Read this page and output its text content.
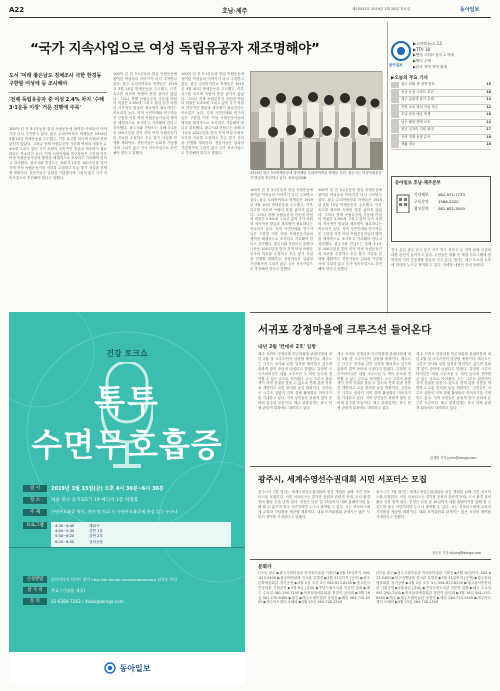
A22	호남·제주	제33033호 2019년 2월 28일 목요일	동아일보
“국가 지속사업으로 여성 독립유공자 재조명해야”
도서 '미래 좋은날도 정체조사 극한 한경동 구한말 여성에 등 조사해야
'전체 독립유공자 중 여성 2.4% 차지 '수해 3·1운동 이장' 거문 진행에 주목'

100여 년 전 3·1운동과 항일 독립운동에 참여한 여성들의 이야기가 다시 주목받고 있다. 광주 수피아여학교 학생들은 1919년 3월 10일 만세운동을 주도했고, 이후 옥고를 치르며 독립의 뜻을 굽히지 않았다. 그러나 전체 독립유공자 가운데 여성의 비율은 2.4%에 그치고 있어 국가 차원의 지속적인 발굴과 재조명이 필요하다는 목소리가 높다. 지역 시민단체와 연구자들은 구한말 이후 여성 독립운동가들의 행적을 체계적으로 조사하고 기록해야 한다고 강조했다. 광주시와 전남도는 올해 3·1운동 100주년을 맞아 지역 여성 독립운동가의 자료를 수집하고 후손 찾기 사업을 진행할 계획이다. 전문가들은 일회성 기념행사에 그치지 않고 국가 지속사업으로 추진해야 한다고 말했다.

100여 년 전 3·1운동과 항일 독립운동에 참여한 여성들의 이야기가 다시 주목받고 있다. 광주 수피아여학교 학생들은 1919년 3월 10일 만세운동을 주도했고, 이후 옥고를 치르며 독립의 뜻을 굽히지 않았다. 그러나 전체 독립유공자 가운데 여성의 비율은 2.4%에 그치고 있어 국가 차원의 지속적인 발굴과 재조명이 필요하다는 목소리가 높다. 지역 시민단체와 연구자들은 구한말 이후 여성 독립운동가들의 행적을 체계적으로 조사하고 기록해야 한다고 강조했다. 광주시와 전남도는 올해 3·1운동 100주년을 맞아 지역 여성 독립운동가의 자료를 수집하고 후손 찾기 사업을 진행할 계획이다. 전문가들은 일회성 기념행사에 그치지 않고 국가 지속사업으로 추진해야 한다고 말했다.

100여 년 전 3·1운동과 항일 독립운동에 참여한 여성들의 이야기가 다시 주목받고 있다. 광주 수피아여학교 학생들은 1919년 3월 10일 만세운동을 주도했고, 이후 옥고를 치르며 독립의 뜻을 굽히지 않았다. 그러나 전체 독립유공자 가운데 여성의 비율은 2.4%에 그치고 있어 국가 차원의 지속적인 발굴과 재조명이 필요하다는 목소리가 높다. 지역 시민단체와 연구자들은 구한말 이후 여성 독립운동가들의 행적을 체계적으로 조사하고 기록해야 한다고 강조했다. 광주시와 전남도는 올해 3·1운동 100주년을 맞아 지역 여성 독립운동가의 자료를 수집하고 후손 찾기 사업을 진행할 계획이다. 전문가들은 일회성 기념행사에 그치지 않고 국가 지속사업으로 추진해야 한다고 말했다.

1919년 광주 3·1만세운동에 참여했던 수피아여학교 학생들 사진. 광주시는 여성독립운동가 발굴을 추진하고 있다. 동아일보DB

100여 년 전 3·1운동과 항일 독립운동에 참여한 여성들의 이야기가 다시 주목받고 있다. 광주 수피아여학교 학생들은 1919년 3월 10일 만세운동을 주도했고, 이후 옥고를 치르며 독립의 뜻을 굽히지 않았다. 그러나 전체 독립유공자 가운데 여성의 비율은 2.4%에 그치고 있어 국가 차원의 지속적인 발굴과 재조명이 필요하다는 목소리가 높다. 지역 시민단체와 연구자들은 구한말 이후 여성 독립운동가들의 행적을 체계적으로 조사하고 기록해야 한다고 강조했다. 광주시와 전남도는 올해 3·1운동 100주년을 맞아 지역 여성 독립운동가의 자료를 수집하고 후손 찾기 사업을 진행할 계획이다. 전문가들은 일회성 기념행사에 그치지 않고 국가 지속사업으로 추진해야 한다고 말했다.

100여 년 전 3·1운동과 항일 독립운동에 참여한 여성들의 이야기가 다시 주목받고 있다. 광주 수피아여학교 학생들은 1919년 3월 10일 만세운동을 주도했고, 이후 옥고를 치르며 독립의 뜻을 굽히지 않았다. 그러나 전체 독립유공자 가운데 여성의 비율은 2.4%에 그치고 있어 국가 차원의 지속적인 발굴과 재조명이 필요하다는 목소리가 높다. 지역 시민단체와 연구자들은 구한말 이후 여성 독립운동가들의 행적을 체계적으로 조사하고 기록해야 한다고 강조했다. 광주시와 전남도는 올해 3·1운동 100주년을 맞아 지역 여성 독립운동가의 자료를 수집하고 후손 찾기 사업을 진행할 계획이다. 전문가들은 일회성 기념행사에 그치지 않고 국가 지속사업으로 추진해야 한다고 말했다.

동아일보
▶스마트뉴스 13
▶TTV 18
▶엔딩 스티브 한국 2 학대
▶엔디 주제
▶한국 지역 지역 취재
▶오늘의 주요 기사
광주 의회 새 정책 발표	15
전남 농업 스마트 추진	16
제주 관광객 증가 추세	14
지역 교육 혁신 사업 착수	12
호남 문화 예술 축제	18
남도 해양 생태 보호	14
청년 일자리 지원 확대	17
지역 경제 동향 분석	18
생활 정보	16
동아일보 호남·제주본부
기사제보	062-971-7733
구독문의	1588-2020
광고문의	062-652-3050

전국 유일 광주 남구 동구 서구 북구 광산구 등 지역 문화 시설에 대한 관심이 높아지고 있다. 주민들은 생활 속 체험 프로그램에 참여하며 지역 공동체를 만들어 가고 있다. 행사는 매주 토요일 오후에 열리며 누구나 참여할 수 있다. 자세한 내용은 문의 바란다.

서귀포 강정마을에 크루즈선 들어온다
내년 2월 '컨에바 2호' 입항

제주 서귀포 강정마을 민군복합형 관광미항에 내년 2월 첫 크루즈선이 입항할 예정이다. 제주도는 크루즈 선사와 입항 일정을 협의하고 있으며 관광객 맞이 준비에 나섰다고 밝혔다. 강정항 크루즈터미널은 대형 크루즈선 두 척이 동시에 정박할 수 있는 규모로 지어졌다. 도는 크루즈 관광객이 지역 상권을 찾을 수 있도록 연계 관광 상품을 개발하고 교통 편의를 높일 계획이다. 주민들은 크루즈 입항이 지역 경제 활성화로 이어지기를 기대하고 있다. 지역 상인들은 관광객 맞이 준비에 분주한 모습이다. 제주 관광업계는 중국 단체 관광객 회복에도 대비하고 있다.

제주 서귀포 강정마을 민군복합형 관광미항에 내년 2월 첫 크루즈선이 입항할 예정이다. 제주도는 크루즈 선사와 입항 일정을 협의하고 있으며 관광객 맞이 준비에 나섰다고 밝혔다. 강정항 크루즈터미널은 대형 크루즈선 두 척이 동시에 정박할 수 있는 규모로 지어졌다. 도는 크루즈 관광객이 지역 상권을 찾을 수 있도록 연계 관광 상품을 개발하고 교통 편의를 높일 계획이다. 주민들은 크루즈 입항이 지역 경제 활성화로 이어지기를 기대하고 있다. 지역 상인들은 관광객 맞이 준비에 분주한 모습이다. 제주 관광업계는 중국 단체 관광객 회복에도 대비하고 있다.

제주 서귀포 강정마을 민군복합형 관광미항에 내년 2월 첫 크루즈선이 입항할 예정이다. 제주도는 크루즈 선사와 입항 일정을 협의하고 있으며 관광객 맞이 준비에 나섰다고 밝혔다. 강정항 크루즈터미널은 대형 크루즈선 두 척이 동시에 정박할 수 있는 규모로 지어졌다. 도는 크루즈 관광객이 지역 상권을 찾을 수 있도록 연계 관광 상품을 개발하고 교통 편의를 높일 계획이다. 주민들은 크루즈 입항이 지역 경제 활성화로 이어지기를 기대하고 있다. 지역 상인들은 관광객 맞이 준비에 분주한 모습이다. 제주 관광업계는 중국 단체 관광객 회복에도 대비하고 있다.

임재영 기자 jyrim@donga.com
광주시, 세계수영선수권대회 시민 서포터스 모집

광주시가 7월 열리는 세계수영선수권대회의 성공 개최를 위해 시민 서포터스를 모집한다. 시민 서포터스는 경기장 응원과 관광객 안내, 도시 환경 정비 활동 등을 맡게 된다. 신청은 다음 달 15일까지 대회 홈페이지를 통해 할 수 있으며 광주 시민이라면 누구나 참여할 수 있다. 시는 서포터스에게 교육과 기념품을 제공할 계획이다. 대회 조직위원회 관계자는 많은 시민의 참여를 기대한다고 말했다.

광주시가 7월 열리는 세계수영선수권대회의 성공 개최를 위해 시민 서포터스를 모집한다. 시민 서포터스는 경기장 응원과 관광객 안내, 도시 환경 정비 활동 등을 맡게 된다. 신청은 다음 달 15일까지 대회 홈페이지를 통해 할 수 있으며 광주 시민이라면 누구나 참여할 수 있다. 시는 서포터스에게 교육과 기념품을 제공할 계획이다. 대회 조직위원회 관계자는 많은 시민의 참여를 기대한다고 말했다.

정승호 기자 shjung@donga.com
문화가

(전시) 광주 ▶광주시립미술관 하정웅미술관 기획전 ▶3월 10일까지. 062-613-5400 ▶광주비엔날레 전시관 특별전 ▶3월 31일까지 (공연) ▶광주문화예술회관 정기공연 ▶3월 2일 오후 5시 062-613-8235 ▶빛고을시민문화관 기획공연 ▶3월 8일 (강좌) ▶전남도립도서관 인문학 강좌 ▶매주 수요일 061-290-7100 ▶목포문화예술회관 봄맞이 음악회 ▶3월 16일 061-270-8484 ▶제주 ▶제주도립미술관 상설전 ▶매일 064-710-4300 ▶제주아트센터 오페라 ▶3월 23일 064-728-1509

(전시) 광주 ▶광주시립미술관 하정웅미술관 기획전 ▶3월 10일까지. 062-613-5400 ▶광주비엔날레 전시관 특별전 ▶3월 31일까지 (공연) ▶광주문화예술회관 정기공연 ▶3월 2일 오후 5시 062-613-8235 ▶빛고을시민문화관 기획공연 ▶3월 8일 (강좌) ▶전남도립도서관 인문학 강좌 ▶매주 수요일 061-290-7100 ▶목포문화예술회관 봄맞이 음악회 ▶3월 16일 061-270-8484 ▶제주 ▶제주도립미술관 상설전 ▶매일 064-710-4300 ▶제주아트센터 오페라 ▶3월 23일 064-728-1509

건강 토크쇼
톡투
수면무호흡증
일 시	2019년 3월 15일(금) 오후 4시 30분~6시 30분
장 소	서울 중구 을지로5가 19 메디어 1층 미래홀
주 제	수면무호흡증 원인, 진단 및 치료 등 수면무호흡증에 관심 있는 누구나
프로그램	4:30~4:40	개회사
4:40~5:30	강연 1부
5:30~6:20	강연 2부
6:20~6:30	질의응답
신청방법	동아미디어 사이트 참가 http://dk.donga.com/sleepapnea ▸ 선착순 마감
참 가 비	무료 (기념품 제공)
문 의	02-6380-7263 / itubis@donga.com
동아일보
